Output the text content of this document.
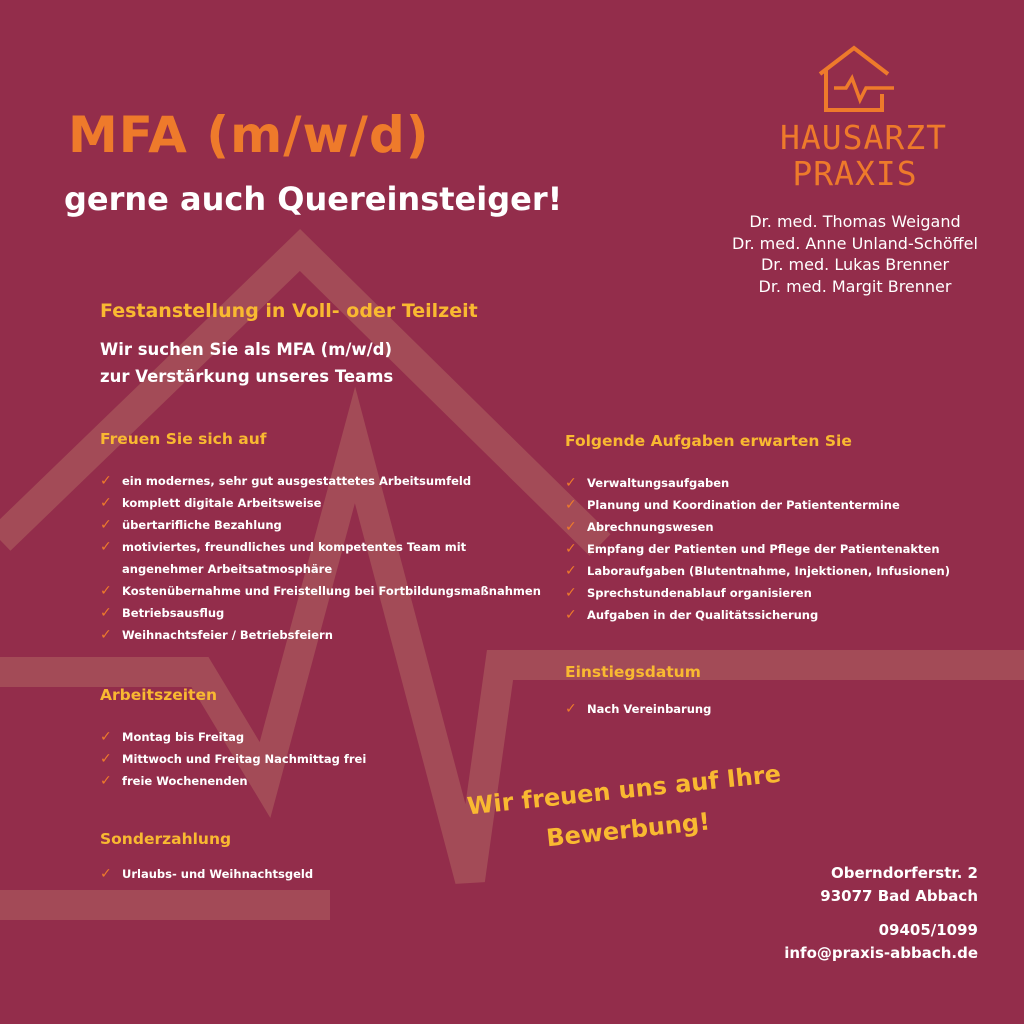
MFA (m/w/d)
gerne auch Quereinsteiger!
HAUSARZT
PRAXIS
Dr. med. Thomas Weigand
Dr. med. Anne Unland-Schöffel
Dr. med. Lukas Brenner
Dr. med. Margit Brenner
Festanstellung in Voll- oder Teilzeit
Wir suchen Sie als MFA (m/w/d)
zur Verstärkung unseres Teams
Freuen Sie sich auf
✓ ein modernes, sehr gut ausgestattetes Arbeitsumfeld
✓ komplett digitale Arbeitsweise
✓ übertarifliche Bezahlung
✓ motiviertes, freundliches und kompetentes Team mit
angenehmer Arbeitsatmosphäre
✓ Kostenübernahme und Freistellung bei Fortbildungsmaßnahmen
✓ Betriebsausflug
✓ Weihnachtsfeier / Betriebsfeiern
Arbeitszeiten
✓ Montag bis Freitag
✓ Mittwoch und Freitag Nachmittag frei
✓ freie Wochenenden
Sonderzahlung
✓ Urlaubs- und Weihnachtsgeld
Folgende Aufgaben erwarten Sie
✓ Verwaltungsaufgaben
✓ Planung und Koordination der Patiententermine
✓ Abrechnungswesen
✓ Empfang der Patienten und Pflege der Patientenakten
✓ Laboraufgaben (Blutentnahme, Injektionen, Infusionen)
✓ Sprechstundenablauf organisieren
✓ Aufgaben in der Qualitätssicherung
Einstiegsdatum
✓ Nach Vereinbarung
Wir freuen uns auf Ihre
Bewerbung!
Oberndorferstr. 2
93077 Bad Abbach
09405/1099
info@praxis-abbach.de
